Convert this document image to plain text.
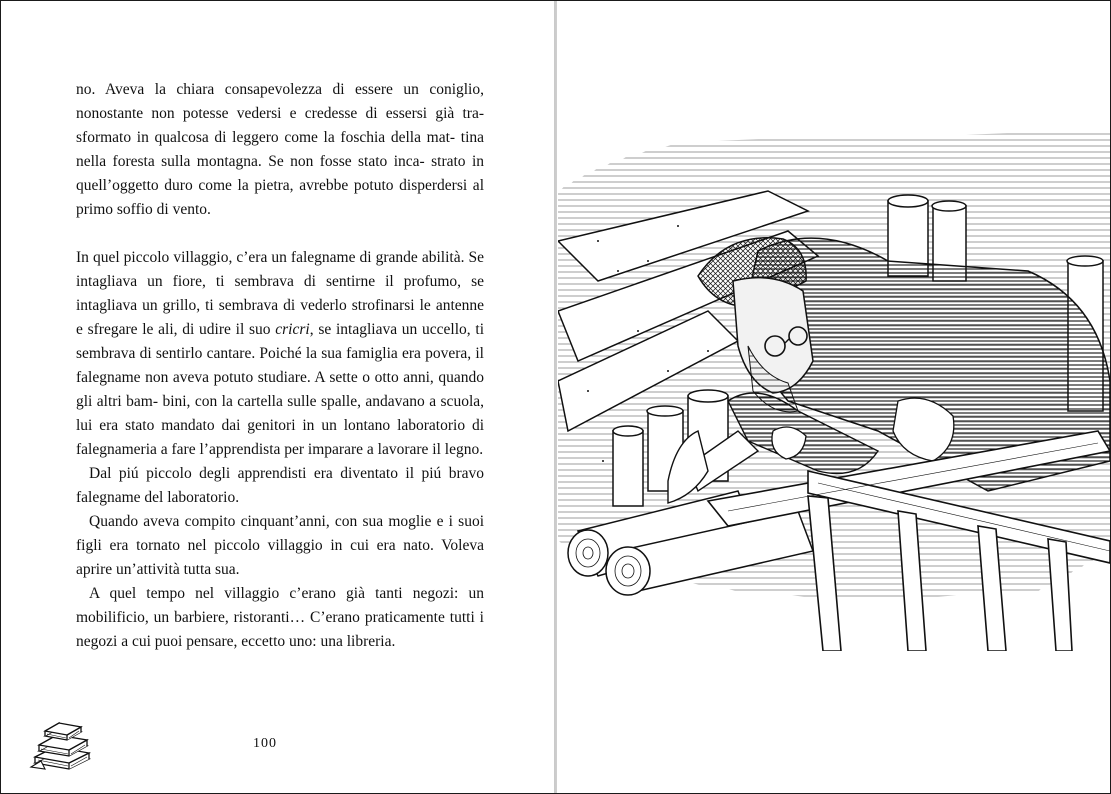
no. Aveva la chiara consapevolezza di essere un coniglio, nonostante non potesse vedersi e credesse di essersi già tra- sformato in qualcosa di leggero come la foschia della mat- tina nella foresta sulla montagna. Se non fosse stato inca- strato in quell’oggetto duro come la pietra, avrebbe potuto disperdersi al primo soffio di vento.

In quel piccolo villaggio, c’era un falegname di grande abilità. Se intagliava un fiore, ti sembrava di sentirne il profumo, se intagliava un grillo, ti sembrava di vederlo strofinarsi le antenne e sfregare le ali, di udire il suo cricri, se intagliava un uccello, ti sembrava di sentirlo cantare. Poiché la sua famiglia era povera, il falegname non aveva potuto studiare. A sette o otto anni, quando gli altri bam- bini, con la cartella sulle spalle, andavano a scuola, lui era stato mandato dai genitori in un lontano laboratorio di falegnameria a fare l’apprendista per imparare a lavorare il legno.

Dal piú piccolo degli apprendisti era diventato il piú bravo falegname del laboratorio.

Quando aveva compito cinquant’anni, con sua moglie e i suoi figli era tornato nel piccolo villaggio in cui era nato. Voleva aprire un’attività tutta sua.

A quel tempo nel villaggio c’erano già tanti negozi: un mobilificio, un barbiere, ristoranti… C’erano praticamente tutti i negozi a cui puoi pensare, eccetto uno: una libreria.

100
